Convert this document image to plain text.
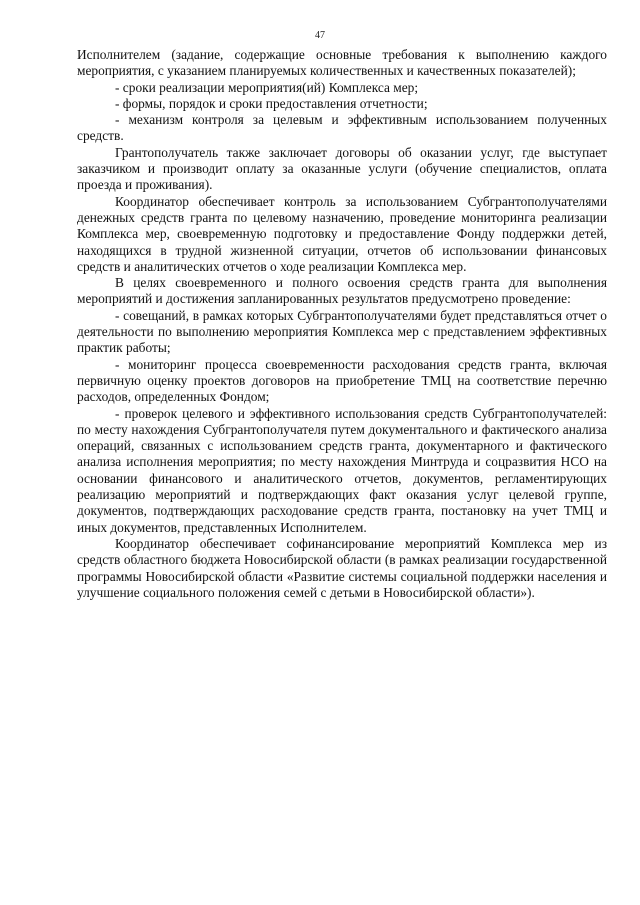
47

Исполнителем (задание, содержащие основные требования к выполнению каждого мероприятия, с указанием планируемых количественных и качественных показателей);

- сроки реализации мероприятия(ий) Комплекса мер;

- формы, порядок и сроки предоставления отчетности;

- механизм контроля за целевым и эффективным использованием полученных средств.

Грантополучатель также заключает договоры об оказании услуг, где выступает заказчиком и производит оплату за оказанные услуги (обучение специалистов, оплата проезда и проживания).

Координатор обеспечивает контроль за использованием Субгрантополучателями денежных средств гранта по целевому назначению, проведение мониторинга реализации Комплекса мер, своевременную подготовку и предоставление Фонду поддержки детей, находящихся в трудной жизненной ситуации, отчетов об использовании финансовых средств и аналитических отчетов о ходе реализации Комплекса мер.

В целях своевременного и полного освоения средств гранта для выполнения мероприятий и достижения запланированных результатов предусмотрено проведение:

- совещаний, в рамках которых Субгрантополучателями будет представляться отчет о деятельности по выполнению мероприятия Комплекса мер с представлением эффективных практик работы;

- мониторинг процесса своевременности расходования средств гранта, включая первичную оценку проектов договоров на приобретение ТМЦ на соответствие перечню расходов, определенных Фондом;

- проверок целевого и эффективного использования средств Субгрантополучателей: по месту нахождения Субгрантополучателя путем документального и фактического анализа операций, связанных с использованием средств гранта, документарного и фактического анализа исполнения мероприятия; по месту нахождения Минтруда и соцразвития НСО на основании финансового и аналитического отчетов, документов, регламентирующих реализацию мероприятий и подтверждающих факт оказания услуг целевой группе, документов, подтверждающих расходование средств гранта, постановку на учет ТМЦ и иных документов, представленных Исполнителем.

Координатор обеспечивает софинансирование мероприятий Комплекса мер из средств областного бюджета Новосибирской области (в рамках реализации государственной программы Новосибирской области «Развитие системы социальной поддержки населения и улучшение социального положения семей с детьми в Новосибирской области»).
